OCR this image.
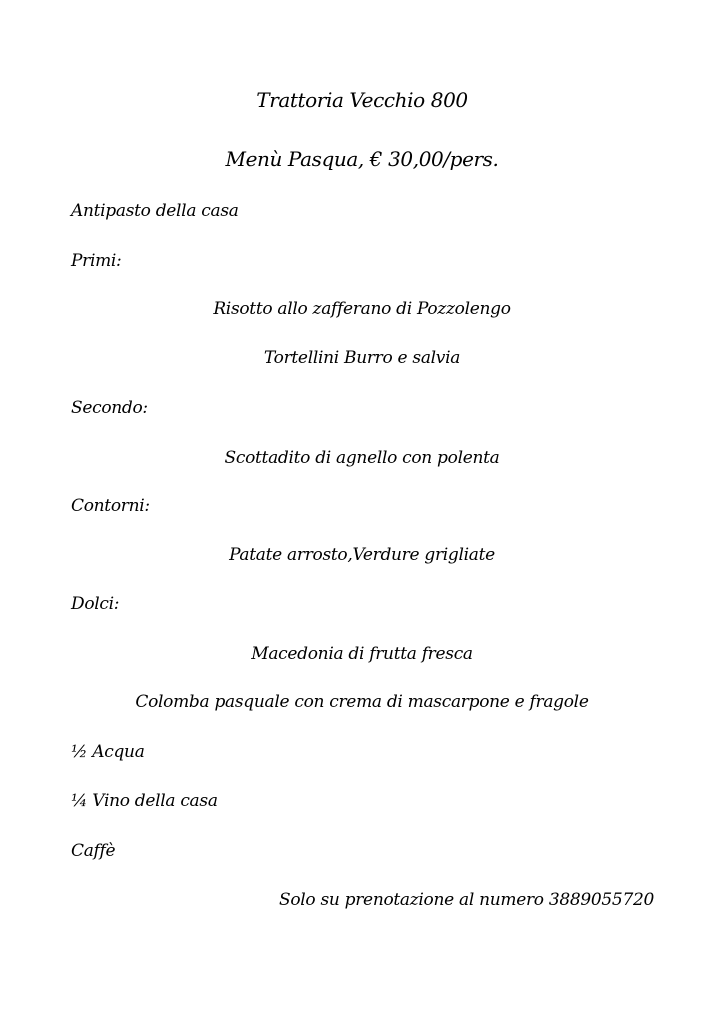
Trattoria Vecchio 800
Menù Pasqua, € 30,00/pers.
Antipasto della casa
Primi:
Risotto allo zafferano di Pozzolengo
Tortellini Burro e salvia
Secondo:
Scottadito di agnello con polenta
Contorni:
Patate arrosto,Verdure grigliate
Dolci:
Macedonia di frutta fresca
Colomba pasquale con crema di mascarpone e fragole
½ Acqua
¼ Vino della casa
Caffè
Solo su prenotazione al numero 3889055720
